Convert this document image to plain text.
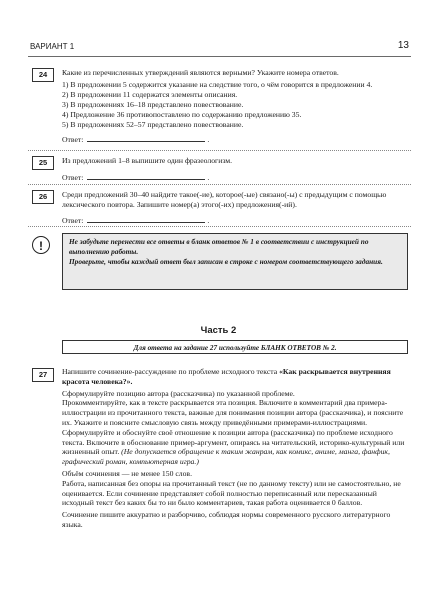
ВАРИАНТ 1	13
24	Какие из перечисленных утверждений являются верными? Укажите номера ответов.

1) В предложении 5 содержится указание на следствие того, о чём говорится в предложении 4.
2) В предложении 11 содержатся элементы описания.
3) В предложениях 16–18 представлено повествование.
4) Предложение 36 противопоставлено по содержанию предложению 35.
5) В предложениях 52–57 представлено повествование.
Ответ:	.
25	Из предложений 1–8 выпишите один фразеологизм.

Ответ:	.
26	Среди предложений 30–40 найдите такое(-ие), которое(-ые) связано(-ы) с предыдущим с помощью лексического повтора. Запишите номер(а) этого(-их) предложения(-ий).

Ответ:	.
!	Не забудьте перенести все ответы в бланк ответов № 1 в соответствии с инструкцией по выполнению работы.

Проверьте, чтобы каждый ответ был записан в строке с номером соответствующего задания.

Часть 2
Для ответа на задание 27 используйте БЛАНК ОТВЕТОВ № 2.
27	Напишите сочинение-рассуждение по проблеме исходного текста «Как раскрывается внутренняя красота человека?».

Сформулируйте позицию автора (рассказчика) по указанной проблеме.

Прокомментируйте, как в тексте раскрывается эта позиция. Включите в комментарий два примера-иллюстрации из прочитанного текста, важные для понимания позиции автора (рассказчика), и поясните их. Укажите и поясните смысловую связь между приведёнными примерами-иллюстрациями.

Сформулируйте и обоснуйте своё отношение к позиции автора (рассказчика) по проблеме исходного текста. Включите в обоснование пример-аргумент, опираясь на читательский, историко-культурный или жизненный опыт. (Не допускается обращение к таким жанрам, как комикс, аниме, манга, фанфик, графический роман, компьютерная игра.)

Объём сочинения — не менее 150 слов.

Работа, написанная без опоры на прочитанный текст (не по данному тексту) или не самостоятельно, не оценивается. Если сочинение представляет собой полностью переписанный или пересказанный исходный текст без каких бы то ни было комментариев, такая работа оценивается 0 баллов.

Сочинение пишите аккуратно и разборчиво, соблюдая нормы современного русского литературного языка.
